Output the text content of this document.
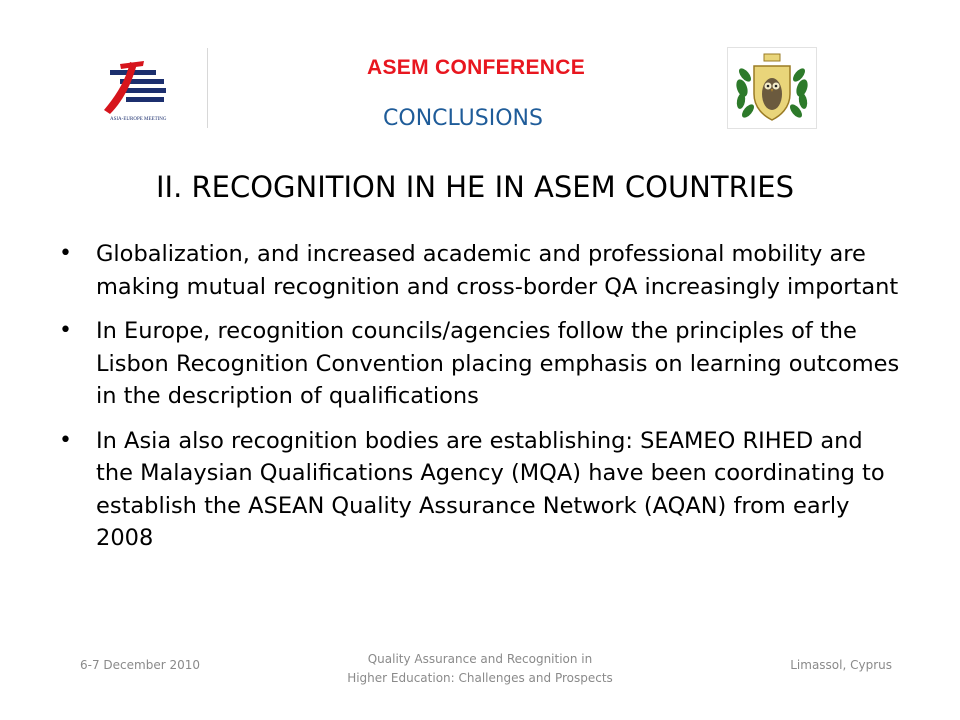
ASIA-EUROPE MEETING
ASEM CONFERENCE
CONCLUSIONS
II. RECOGNITION IN HE IN ASEM COUNTRIES
• Globalization, and increased academic and professional mobility are making mutual recognition and cross-border QA increasingly important
• In Europe, recognition councils/agencies follow the principles of the Lisbon Recognition Convention placing emphasis on learning outcomes in the description of qualifications
• In Asia also recognition bodies are establishing: SEAMEO RIHED and the Malaysian Qualifications Agency (MQA) have been coordinating to establish the ASEAN Quality Assurance Network (AQAN) from early 2008
6-7 December 2010	Quality Assurance and Recognition in
Higher Education: Challenges and Prospects
Limassol, Cyprus
